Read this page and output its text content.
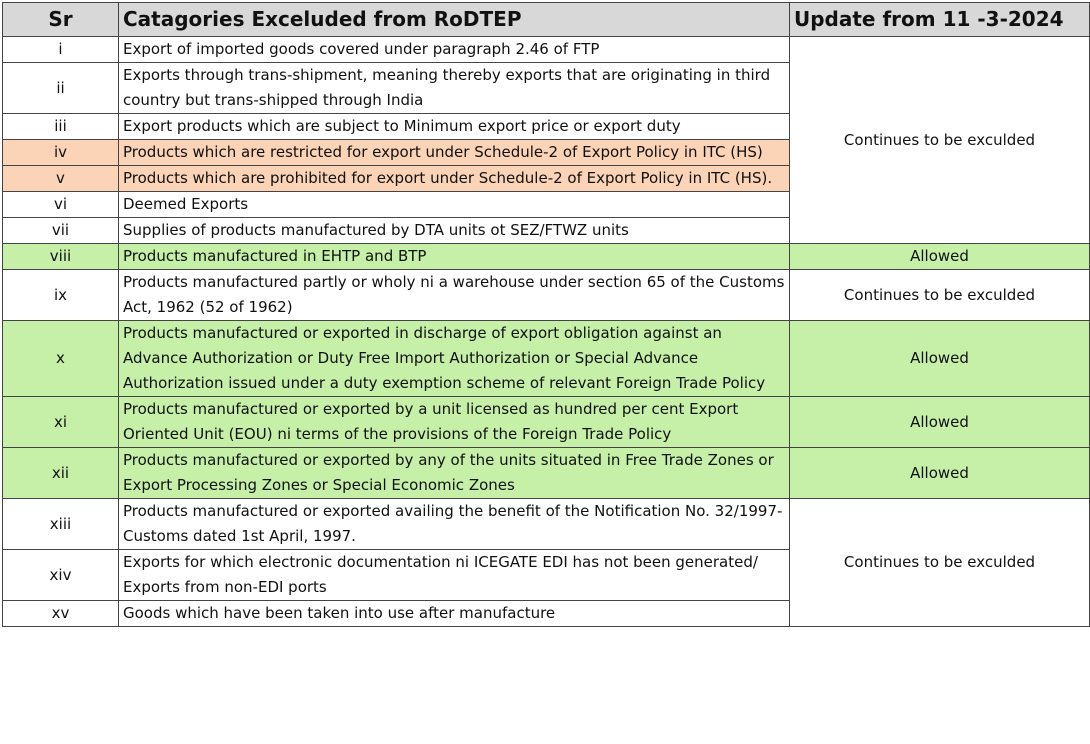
Sr	Catagories Exceluded from RoDTEP	Update from 11 -3-2024
i	Export of imported goods covered under paragraph 2.46 of FTP	Continues to be exculded
ii	Exports through trans-shipment, meaning thereby exports that are originating in third country but trans-shipped through India	
iii	Export products which are subject to Minimum export price or export duty	
iv	Products which are restricted for export under Schedule-2 of Export Policy in ITC (HS)	
v	Products which are prohibited for export under Schedule-2 of Export Policy in ITC (HS).	
vi	Deemed Exports	
vii	Supplies of products manufactured by DTA units ot SEZ/FTWZ units	
viii	Products manufactured in EHTP and BTP	Allowed
ix	Products manufactured partly or wholy ni a warehouse under section 65 of the Customs Act, 1962 (52 of 1962)	Continues to be exculded
x	Products manufactured or exported in discharge of export obligation against an Advance Authorization or Duty Free Import Authorization or Special Advance Authorization issued under a duty exemption scheme of relevant Foreign Trade Policy	Allowed
xi	Products manufactured or exported by a unit licensed as hundred per cent Export Oriented Unit (EOU) ni terms of the provisions of the Foreign Trade Policy	Allowed
xii	Products manufactured or exported by any of the units situated in Free Trade Zones or Export Processing Zones or Special Economic Zones	Allowed
xiii	Products manufactured or exported availing the benefit of the Notification No. 32/1997- Customs dated 1st April, 1997.	Continues to be exculded
xiv	Exports for which electronic documentation ni ICEGATE EDI has not been generated/ Exports from non-EDI ports	
xv	Goods which have been taken into use after manufacture	
